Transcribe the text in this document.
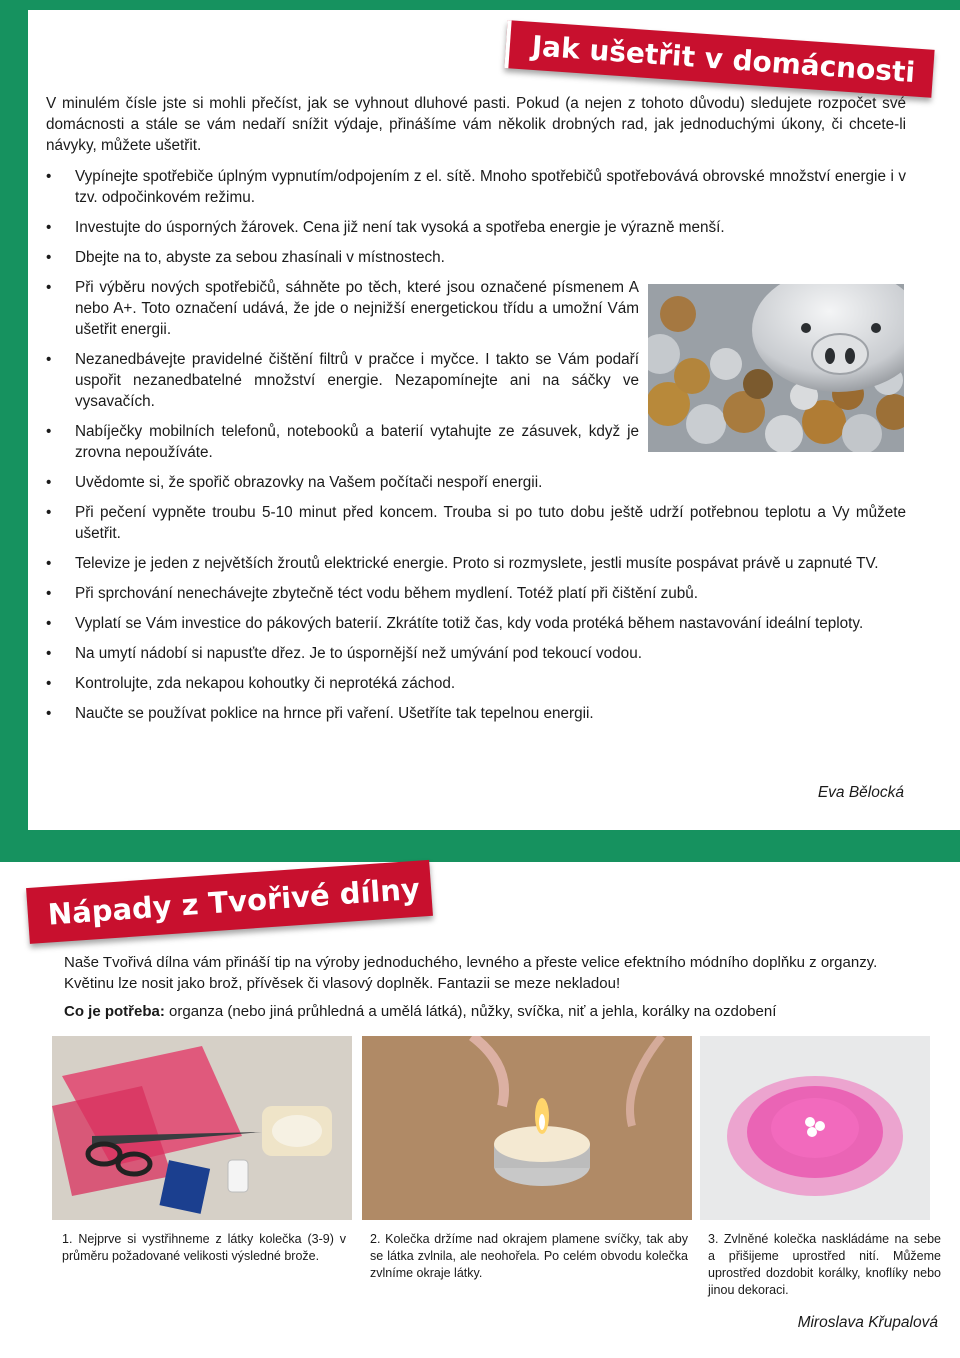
Jak ušetřit v domácnosti
V minulém čísle jste si mohli přečíst, jak se vyhnout dluhové pasti. Pokud (a nejen z tohoto důvodu) sledujete rozpočet své domácnosti a stále se vám nedaří snížit výdaje, přinášíme vám několik drobných rad, jak jednoduchými úkony, či chcete-li návyky, můžete ušetřit.
• Vypínejte spotřebiče úplným vypnutím/odpojením z el. sítě. Mnoho spotřebičů spotřebovává obrovské množství energie i v tzv. odpočinkovém režimu.
• Investujte do úsporných žárovek. Cena již není tak vysoká a spotřeba energie je výrazně menší.
• Dbejte na to, abyste za sebou zhasínali v místnostech.
• Při výběru nových spotřebičů, sáhněte po těch, které jsou označené písmenem A nebo A+. Toto označení udává, že jde o nejnižší energetickou třídu a umožní Vám ušetřit energii.
• Nezanedbávejte pravidelné čištění filtrů v pračce i myčce. I takto se Vám podaří uspořit nezanedbatelné množství energie. Nezapomínejte ani na sáčky ve vysavačích.
• Nabíječky mobilních telefonů, notebooků a baterií vytahujte ze zásuvek, když je zrovna nepoužíváte.
• Uvědomte si, že spořič obrazovky na Vašem počítači nespoří energii.
• Při pečení vypněte troubu 5-10 minut před koncem. Trouba si po tuto dobu ještě udrží potřebnou teplotu a Vy můžete ušetřit.
• Televize je jeden z největších žroutů elektrické energie. Proto si rozmyslete, jestli musíte pospávat právě u zapnuté TV.
• Při sprchování nenechávejte zbytečně téct vodu během mydlení. Totéž platí při čištění zubů.
• Vyplatí se Vám investice do pákových baterií. Zkrátíte totiž čas, kdy voda protéká během nastavování ideální teploty.
• Na umytí nádobí si napusťte dřez. Je to úspornější než umývání pod tekoucí vodou.
• Kontrolujte, zda nekapou kohoutky či neprotéká záchod.
• Naučte se používat poklice na hrnce při vaření. Ušetříte tak tepelnou energii.
Eva Bělocká
Nápady z Tvořivé dílny
Naše Tvořivá dílna vám přináší tip na výroby jednoduchého, levného a přeste velice efektního módního doplňku z organzy. Květinu lze nosit jako brož, přívěsek či vlasový doplněk. Fantazii se meze nekladou!
Co je potřeba: organza (nebo jiná průhledná a umělá látká), nůžky, svíčka, niť a jehla, korálky na ozdobení
1. Nejprve si vystřihneme z látky kolečka (3-9) v průměru požadované velikosti výsledné brože.
2. Kolečka držíme nad okrajem plamene svíčky, tak aby se látka zvlnila, ale neohořela. Po celém obvodu kolečka zvlníme okraje látky.
3. Zvlněné kolečka naskládáme na sebe a přišijeme uprostřed nití. Můžeme uprostřed dozdobit korálky, knoflíky nebo jinou dekoraci.
Miroslava Křupalová
